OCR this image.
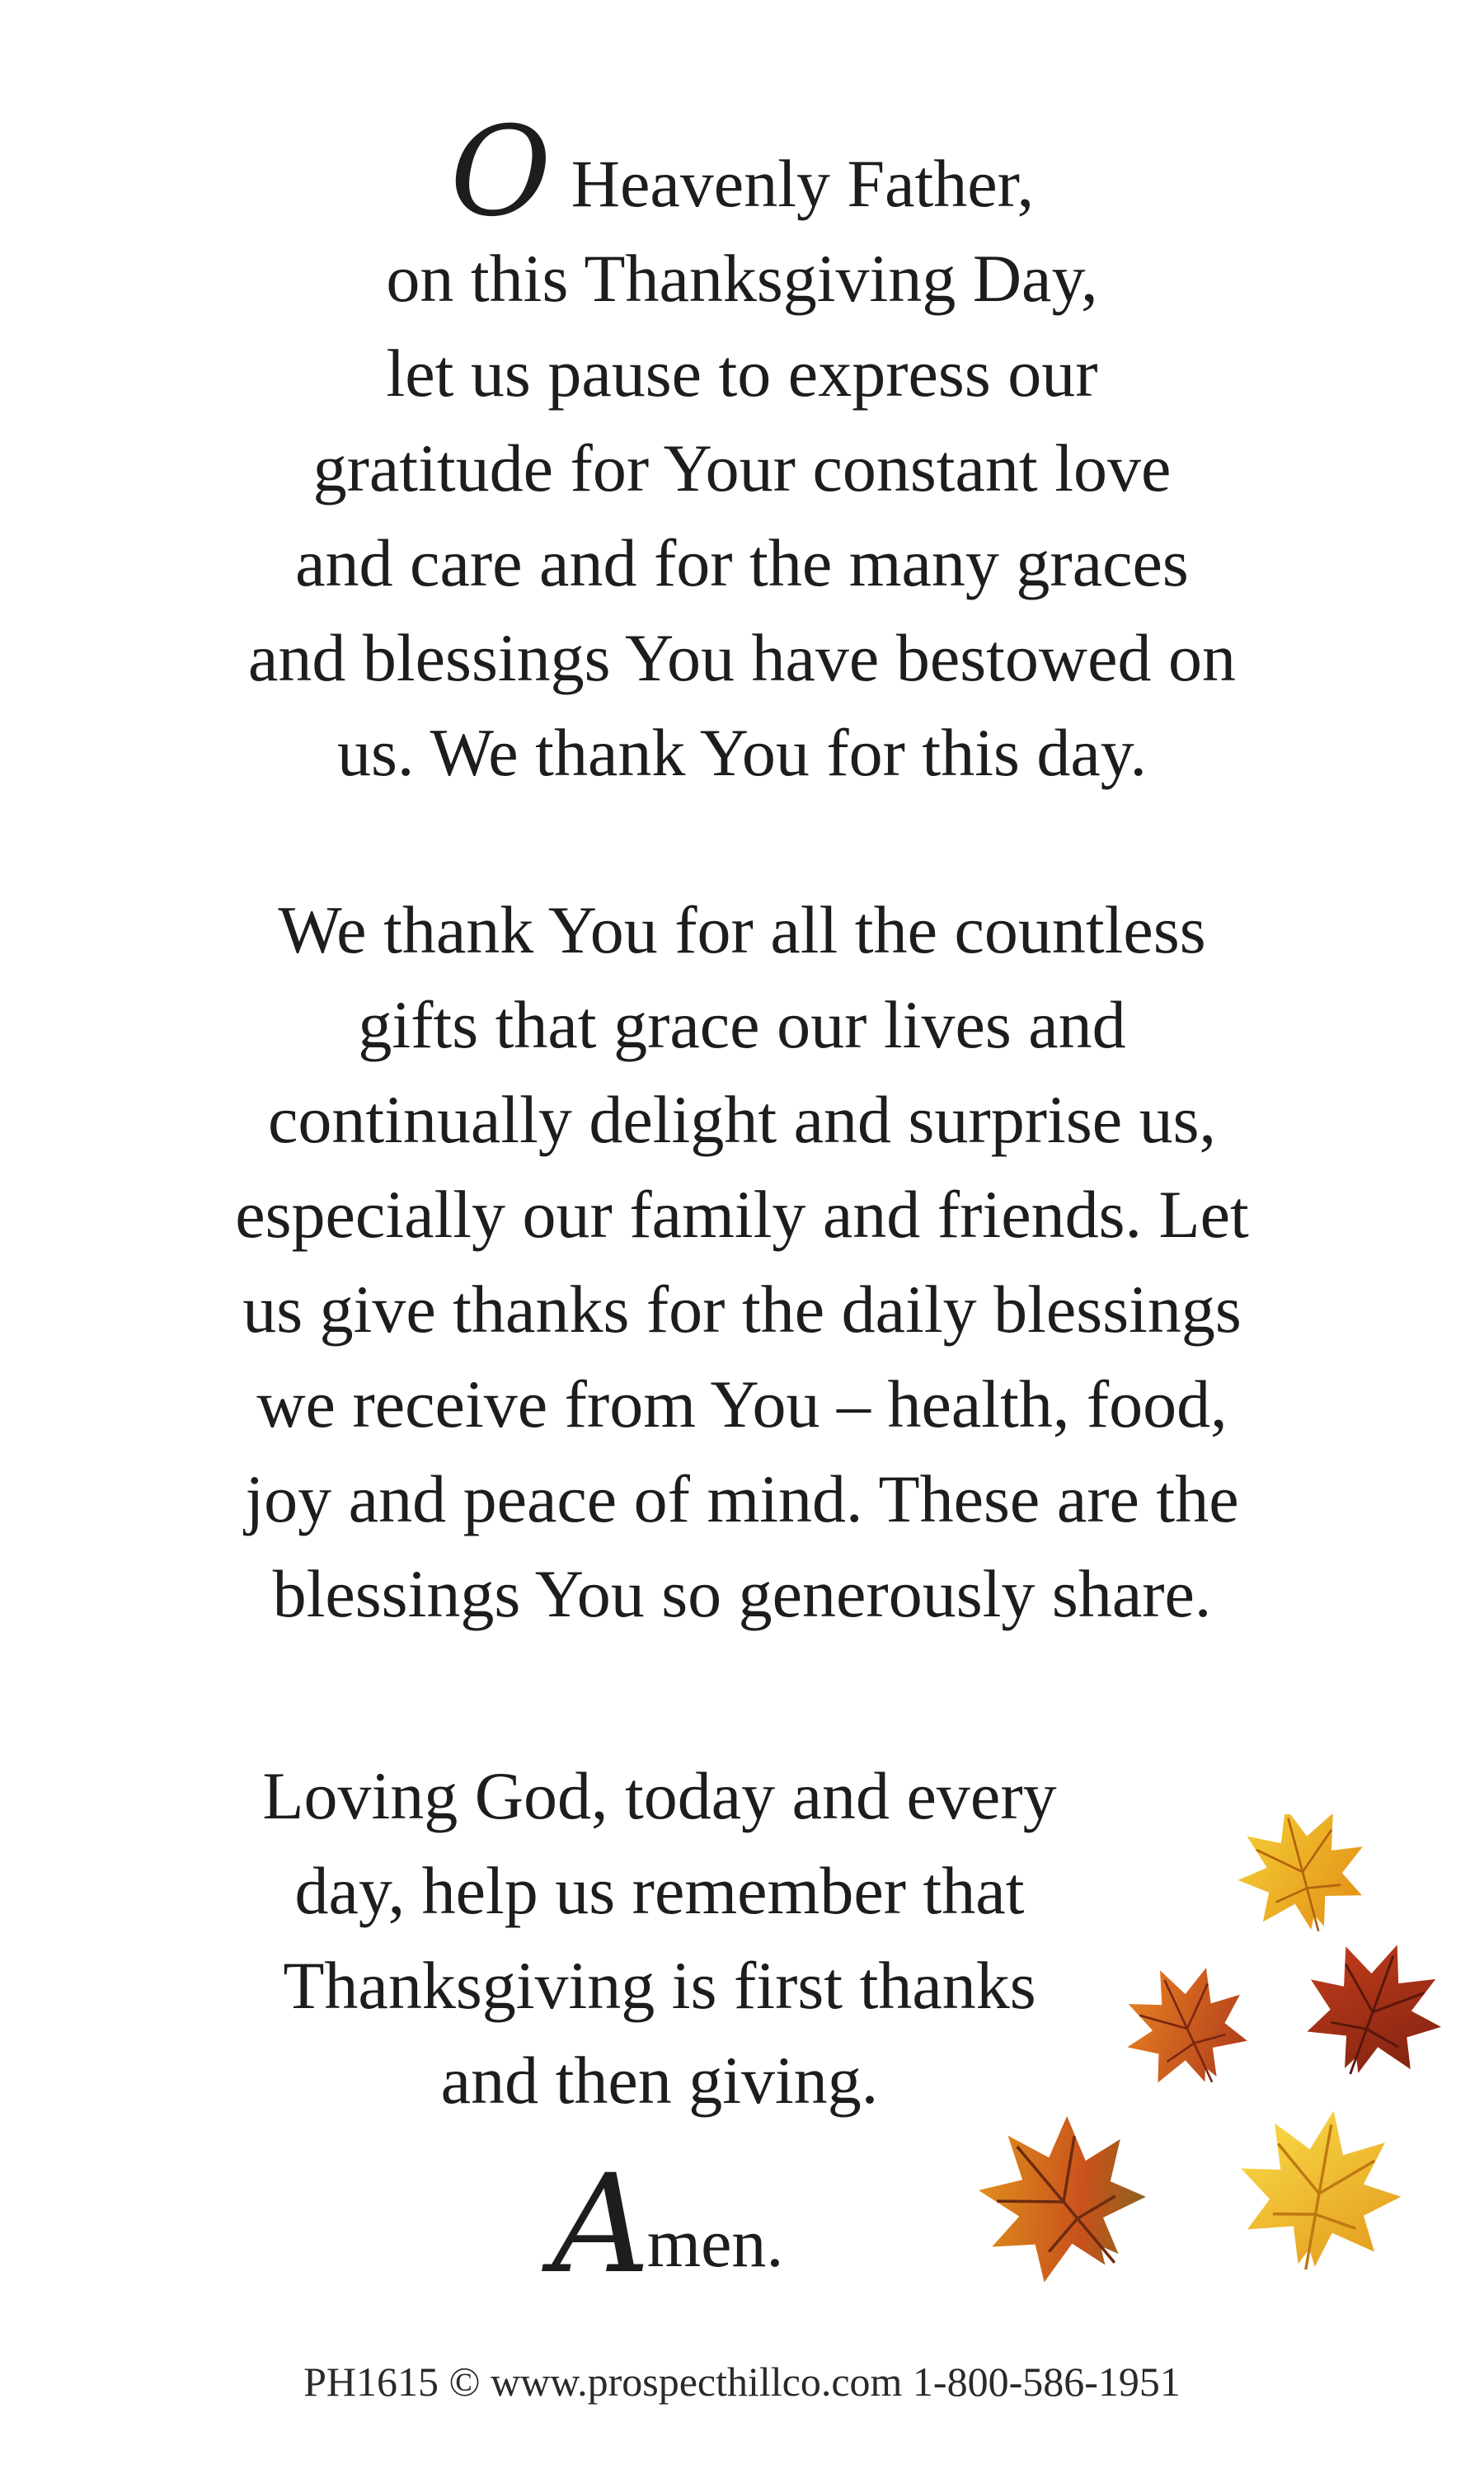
O Heavenly Father,
on this Thanksgiving Day,
let us pause to express our
gratitude for Your constant love
and care and for the many graces
and blessings You have bestowed on
us. We thank You for this day.

We thank You for all the countless
gifts that grace our lives and
continually delight and surprise us,
especially our family and friends. Let
us give thanks for the daily blessings
we receive from You – health, food,
joy and peace of mind. These are the
blessings You so generously share.

Loving God, today and every
day, help us remember that
Thanksgiving is first thanks
and then giving.

Amen.
PH1615 © www.prospecthillco.com 1-800-586-1951
